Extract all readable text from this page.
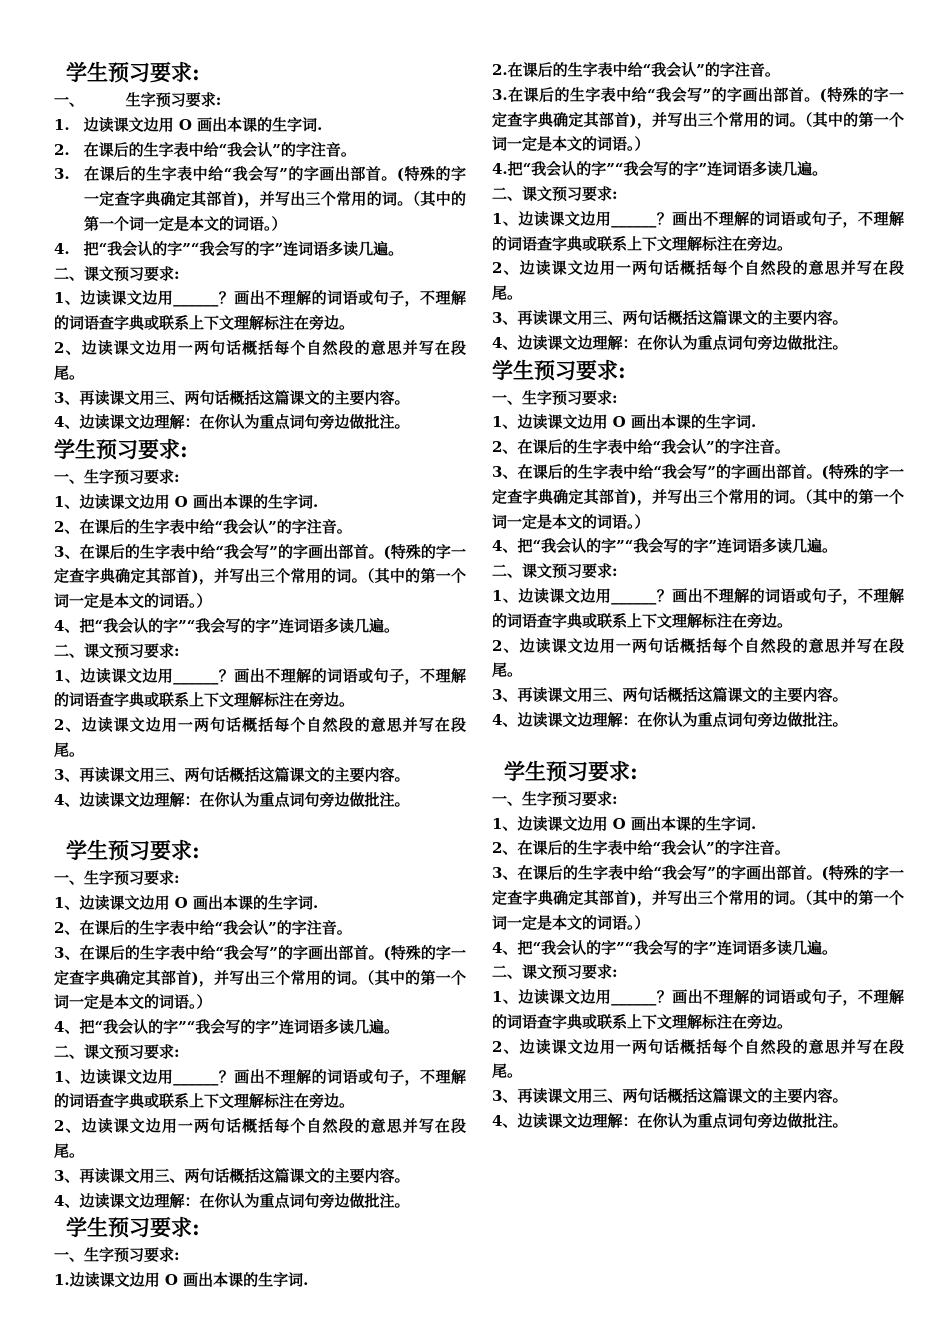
学生预习要求:

一、        生字预习要求:

1. 边读课文边用 O 画出本课的生字词.

2. 在课后的生字表中给“我会认”的字注音。

3. 在课后的生字表中给“我会写”的字画出部首。(特殊的字一定查字典确定其部首)，并写出三个常用的词。（其中的第一个词一定是本文的词语。）

4. 把“我会认的字”“我会写的字”连词语多读几遍。

二、课文预习要求:

1、边读课文边用______？画出不理解的词语或句子，不理解的词语查字典或联系上下文理解标注在旁边。

2、边读课文边用一两句话概括每个自然段的意思并写在段尾。

3、再读课文用三、两句话概括这篇课文的主要内容。

4、边读课文边理解：在你认为重点词句旁边做批注。

学生预习要求:

一、生字预习要求:

1、边读课文边用 O 画出本课的生字词.

2、在课后的生字表中给“我会认”的字注音。

3、在课后的生字表中给“我会写”的字画出部首。(特殊的字一定查字典确定其部首)，并写出三个常用的词。（其中的第一个词一定是本文的词语。）

4、把“我会认的字”“我会写的字”连词语多读几遍。

二、课文预习要求:

1、边读课文边用______？画出不理解的词语或句子，不理解的词语查字典或联系上下文理解标注在旁边。

2、边读课文边用一两句话概括每个自然段的意思并写在段尾。

3、再读课文用三、两句话概括这篇课文的主要内容。

4、边读课文边理解：在你认为重点词句旁边做批注。

学生预习要求:

一、生字预习要求:

1、边读课文边用 O 画出本课的生字词.

2、在课后的生字表中给“我会认”的字注音。

3、在课后的生字表中给“我会写”的字画出部首。(特殊的字一定查字典确定其部首)，并写出三个常用的词。（其中的第一个词一定是本文的词语。）

4、把“我会认的字”“我会写的字”连词语多读几遍。

二、课文预习要求:

1、边读课文边用______？画出不理解的词语或句子，不理解的词语查字典或联系上下文理解标注在旁边。

2、边读课文边用一两句话概括每个自然段的意思并写在段尾。

3、再读课文用三、两句话概括这篇课文的主要内容。

4、边读课文边理解：在你认为重点词句旁边做批注。

学生预习要求:

一、生字预习要求:

1.边读课文边用 O 画出本课的生字词.

2.在课后的生字表中给“我会认”的字注音。

3.在课后的生字表中给“我会写”的字画出部首。(特殊的字一定查字典确定其部首)，并写出三个常用的词。（其中的第一个词一定是本文的词语。）

4.把“我会认的字”“我会写的字”连词语多读几遍。

二、课文预习要求:

1、边读课文边用______？画出不理解的词语或句子，不理解的词语查字典或联系上下文理解标注在旁边。

2、边读课文边用一两句话概括每个自然段的意思并写在段尾。

3、再读课文用三、两句话概括这篇课文的主要内容。

4、边读课文边理解：在你认为重点词句旁边做批注。

学生预习要求:

一、生字预习要求:

1、边读课文边用 O 画出本课的生字词.

2、在课后的生字表中给“我会认”的字注音。

3、在课后的生字表中给“我会写”的字画出部首。(特殊的字一定查字典确定其部首)，并写出三个常用的词。（其中的第一个词一定是本文的词语。）

4、把“我会认的字”“我会写的字”连词语多读几遍。

二、课文预习要求:

1、边读课文边用______？画出不理解的词语或句子，不理解的词语查字典或联系上下文理解标注在旁边。

2、边读课文边用一两句话概括每个自然段的意思并写在段尾。

3、再读课文用三、两句话概括这篇课文的主要内容。

4、边读课文边理解：在你认为重点词句旁边做批注。

学生预习要求:

一、生字预习要求:

1、边读课文边用 O 画出本课的生字词.

2、在课后的生字表中给“我会认”的字注音。

3、在课后的生字表中给“我会写”的字画出部首。(特殊的字一定查字典确定其部首)，并写出三个常用的词。（其中的第一个词一定是本文的词语。）

4、把“我会认的字”“我会写的字”连词语多读几遍。

二、课文预习要求:

1、边读课文边用______？画出不理解的词语或句子，不理解的词语查字典或联系上下文理解标注在旁边。

2、边读课文边用一两句话概括每个自然段的意思并写在段尾。

3、再读课文用三、两句话概括这篇课文的主要内容。

4、边读课文边理解：在你认为重点词句旁边做批注。
